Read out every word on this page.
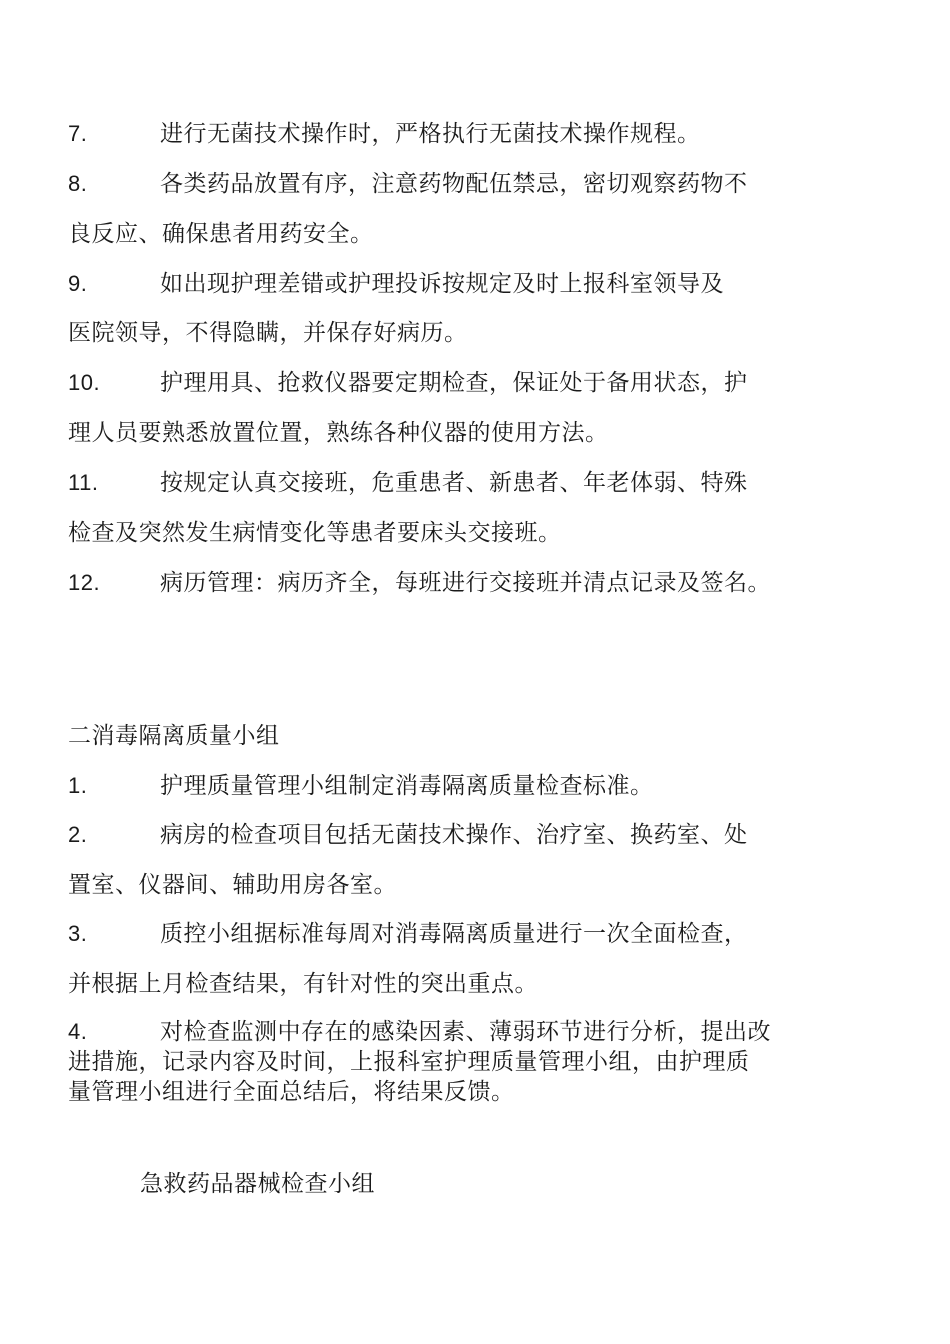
7.	进行无菌技术操作时，严格执行无菌技术操作规程。
8.	各类药品放置有序，注意药物配伍禁忌，密切观察药物不
良反应、确保患者用药安全。
9.	如出现护理差错或护理投诉按规定及时上报科室领导及
医院领导，不得隐瞒，并保存好病历。
10.	护理用具、抢救仪器要定期检查，保证处于备用状态，护
理人员要熟悉放置位置，熟练各种仪器的使用方法。
11.	按规定认真交接班，危重患者、新患者、年老体弱、特殊
检查及突然发生病情变化等患者要床头交接班。
12.	病历管理：病历齐全，每班进行交接班并清点记录及签名。
二消毒隔离质量小组
1.	护理质量管理小组制定消毒隔离质量检查标准。
2.	病房的检查项目包括无菌技术操作、治疗室、换药室、处
置室、仪器间、辅助用房各室。
3.	质控小组据标准每周对消毒隔离质量进行一次全面检查，
并根据上月检查结果，有针对性的突出重点。
4.	对检查监测中存在的感染因素、薄弱环节进行分析，提出改
进措施，记录内容及时间，上报科室护理质量管理小组，由护理质
量管理小组进行全面总结后，将结果反馈。
急救药品器械检查小组
